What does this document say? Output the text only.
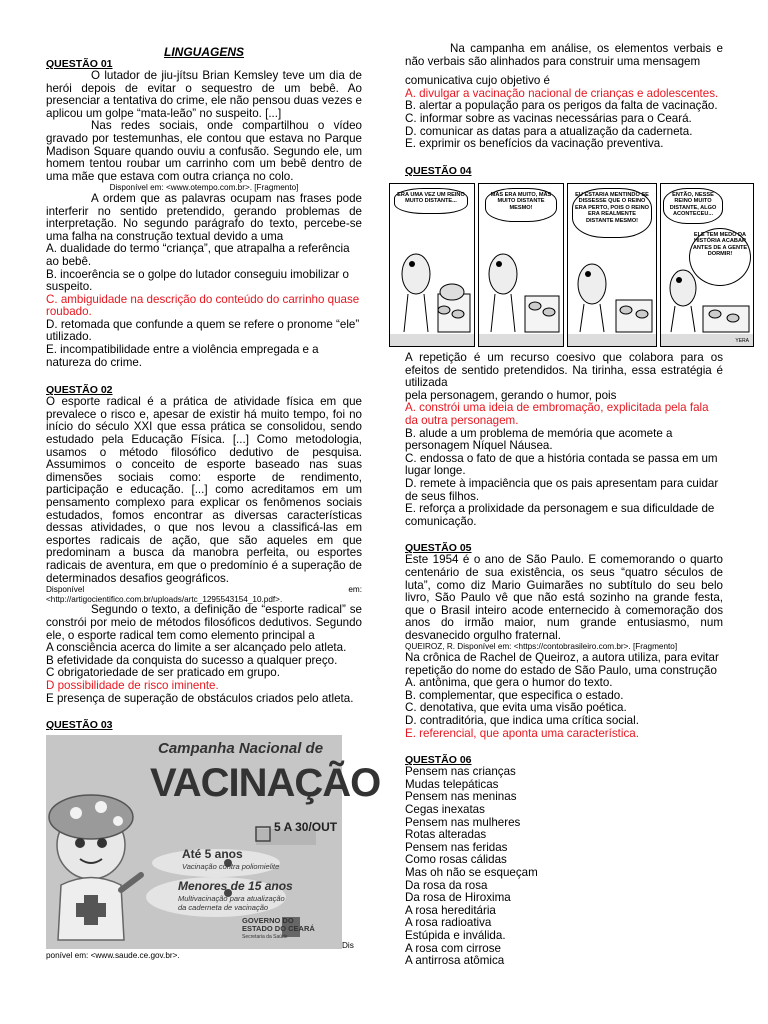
LINGUAGENS

QUESTÃO 01

O lutador de jiu-jítsu Brian Kemsley teve um dia de herói depois de evitar o sequestro de um bebê. Ao presenciar a tentativa do crime, ele não pensou duas vezes e aplicou um golpe “mata-leão” no suspeito. [...]

Nas redes sociais, onde compartilhou o vídeo gravado por testemunhas, ele contou que estava no Parque Madison Square quando ouviu a confusão. Segundo ele, um homem tentou roubar um carrinho com um bebê dentro de uma mãe que estava com outra criança no colo.

Disponível em: <www.otempo.com.br>. [Fragmento]

A ordem que as palavras ocupam nas frases pode interferir no sentido pretendido, gerando problemas de interpretação. No segundo parágrafo do texto, percebe-se uma falha na construção textual devido a uma

A. dualidade do termo “criança”, que atrapalha a referência ao bebê.

B. incoerência se o golpe do lutador conseguiu imobilizar o suspeito.

C. ambiguidade na descrição do conteúdo do carrinho quase roubado.

D. retomada que confunde a quem se refere o pronome “ele” utilizado.

E. incompatibilidade entre a violência empregada e a natureza do crime.

QUESTÃO 02

O esporte radical é a prática de atividade física em que prevalece o risco e, apesar de existir há muito tempo, foi no início do século XXI que essa prática se consolidou, sendo estudado pela Educação Física. [...] Como metodologia, usamos o método filosófico dedutivo de pesquisa. Assumimos o conceito de esporte baseado nas suas dimensões sociais como: esporte de rendimento, participação e educação. [...] como acreditamos em um pensamento complexo para explicar os fenômenos sociais estudados, fomos encontrar as diversas características dessas atividades, o que nos levou a classificá-las em esportes radicais de ação, que são aqueles em que predominam a busca da manobra perfeita, ou esportes radicais de aventura, em que o predomínio é a superação de determinados desafios geográficos.

Disponível	em:

<http://artigocientifico.com.br/uploads/artc_1295543154_10.pdf>.

Segundo o texto, a definição de “esporte radical” se constrói por meio de métodos filosóficos dedutivos. Segundo ele, o esporte radical tem como elemento principal a

A consciência acerca do limite a ser alcançado pelo atleta.

B efetividade da conquista do sucesso a qualquer preço.

C obrigatoriedade de ser praticado em grupo.

D possibilidade de risco iminente.

E presença de superação de obstáculos criados pelo atleta.

QUESTÃO 03

Campanha Nacional de
VACINAÇÃO
5 A 30/OUT
Até 5 anos
Vacinação contra poliomielite
Menores de 15 anos
Multivacinação para atualização
da caderneta de vacinação
GOVERNO DO
ESTADO DO CEARÁ
Secretaria da Saúde
Dis
ponível em: <www.saude.ce.gov.br>.

Na campanha em análise, os elementos verbais e não verbais são alinhados para construir uma mensagem

comunicativa cujo objetivo é

A. divulgar a vacinação nacional de crianças e adolescentes.

B. alertar a população para os perigos da falta de vacinação.

C. informar sobre as vacinas necessárias para o Ceará.

D. comunicar as datas para a atualização da caderneta.

E. exprimir os benefícios da vacinação preventiva.

QUESTÃO 04

ERA UMA VEZ UM REINO MUITO DISTANTE...
MAS ERA MUITO, MAS MUITO DISTANTE MESMO!
EU ESTARIA MENTINDO SE DISSESSE QUE O REINO ERA PERTO, POIS O REINO ERA REALMENTE DISTANTE MESMO!
ENTÃO, NESSE REINO MUITO DISTANTE, ALGO ACONTECEU...
ELE TEM MEDO DA HISTÓRIA ACABAR ANTES DE A GENTE DORMIR!
YERA

A repetição é um recurso coesivo que colabora para os efeitos de sentido pretendidos. Na tirinha, essa estratégia é utilizada

pela personagem, gerando o humor, pois

A. constrói uma ideia de embromação, explicitada pela fala da outra personagem.

B. alude a um problema de memória que acomete a personagem Níquel Náusea.

C. endossa o fato de que a história contada se passa em um lugar longe.

D. remete à impaciência que os pais apresentam para cuidar de seus filhos.

E. reforça a prolixidade da personagem e sua dificuldade de comunicação.

QUESTÃO 05

Este 1954 é o ano de São Paulo. E comemorando o quarto centenário de sua existência, os seus “quatro séculos de luta”, como diz Mario Guimarães no subtítulo do seu belo livro, São Paulo vê que não está sozinho na grande festa, que o Brasil inteiro acode enternecido à comemoração dos anos do irmão maior, num grande entusiasmo, num desvanecido orgulho fraternal.

QUEIROZ, R. Disponível em: <https://contobrasileiro.com.br>. [Fragmento]

Na crônica de Rachel de Queiroz, a autora utiliza, para evitar repetição do nome do estado de São Paulo, uma construção

A. antônima, que gera o humor do texto.

B. complementar, que especifica o estado.

C. denotativa, que evita uma visão poética.

D. contraditória, que indica uma crítica social.

E. referencial, que aponta uma característica.

QUESTÃO 06

Pensem nas crianças

Mudas telepáticas

Pensem nas meninas

Cegas inexatas

Pensem nas mulheres

Rotas alteradas

Pensem nas feridas

Como rosas cálidas

Mas oh não se esqueçam

Da rosa da rosa

Da rosa de Hiroxima

A rosa hereditária

A rosa radioativa

Estúpida e inválida.

A rosa com cirrose

A antirrosa atômica
